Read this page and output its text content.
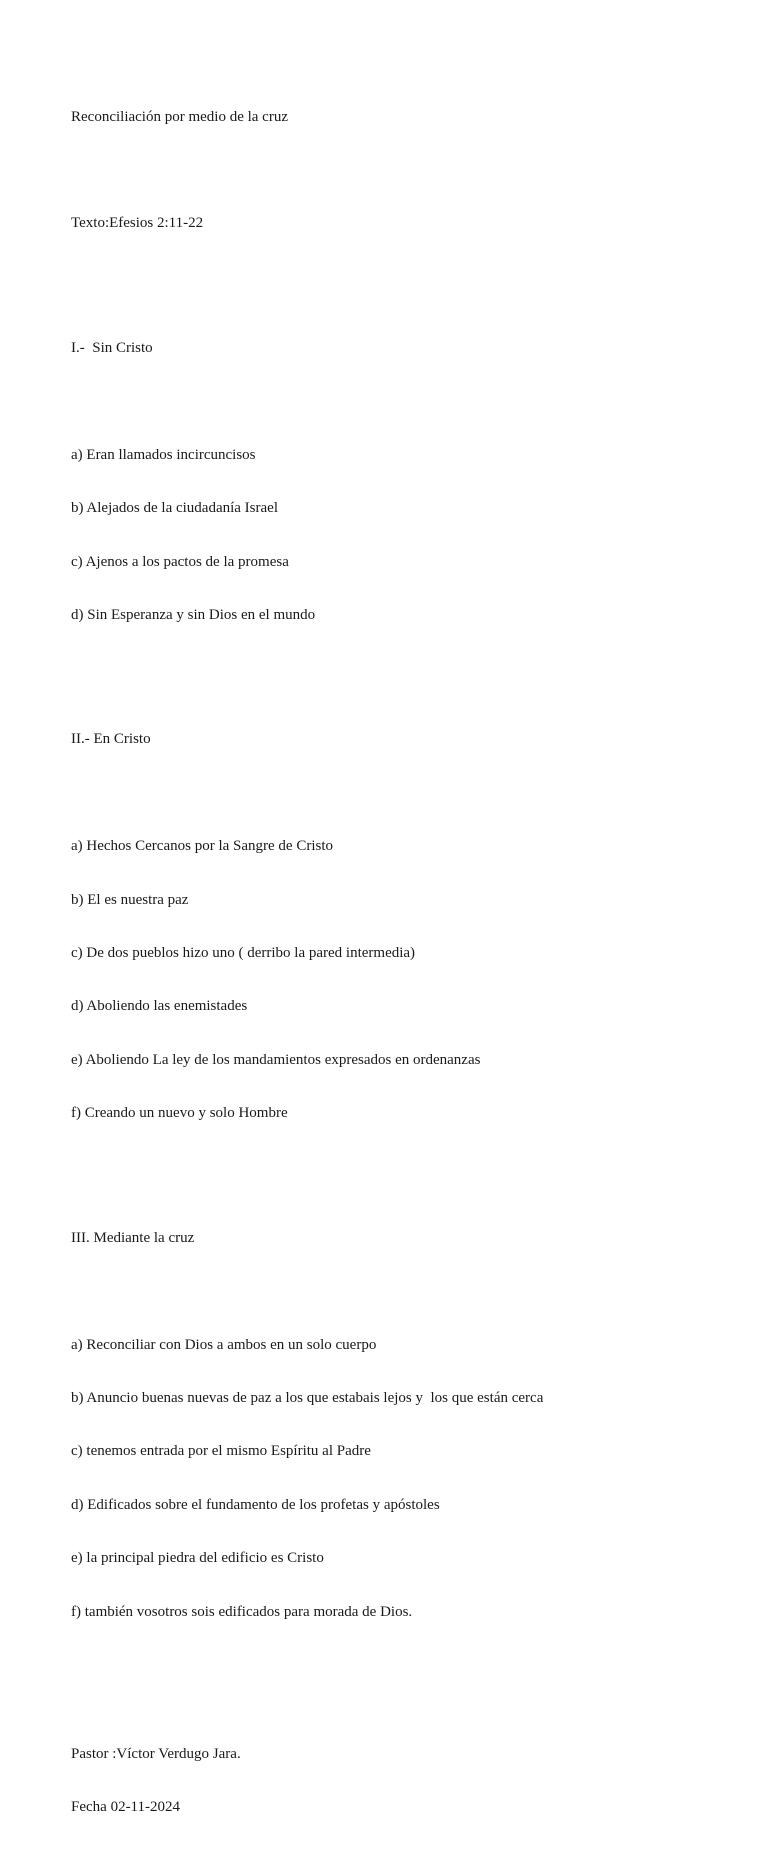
Reconciliación por medio de la cruz

Texto:Efesios 2:11-22

I.-  Sin Cristo

a) Eran llamados incircuncisos

b) Alejados de la ciudadanía Israel

c) Ajenos a los pactos de la promesa

d) Sin Esperanza y sin Dios en el mundo

II.- En Cristo

a) Hechos Cercanos por la Sangre de Cristo

b) El es nuestra paz

c) De dos pueblos hizo uno ( derribo la pared intermedia)

d) Aboliendo las enemistades

e) Aboliendo La ley de los mandamientos expresados en ordenanzas

f) Creando un nuevo y solo Hombre

III. Mediante la cruz

a) Reconciliar con Dios a ambos en un solo cuerpo

b) Anuncio buenas nuevas de paz a los que estabais lejos y  los que están cerca

c) tenemos entrada por el mismo Espíritu al Padre

d) Edificados sobre el fundamento de los profetas y apóstoles

e) la principal piedra del edificio es Cristo

f) también vosotros sois edificados para morada de Dios.

Pastor :Víctor Verdugo Jara.

Fecha 02-11-2024
